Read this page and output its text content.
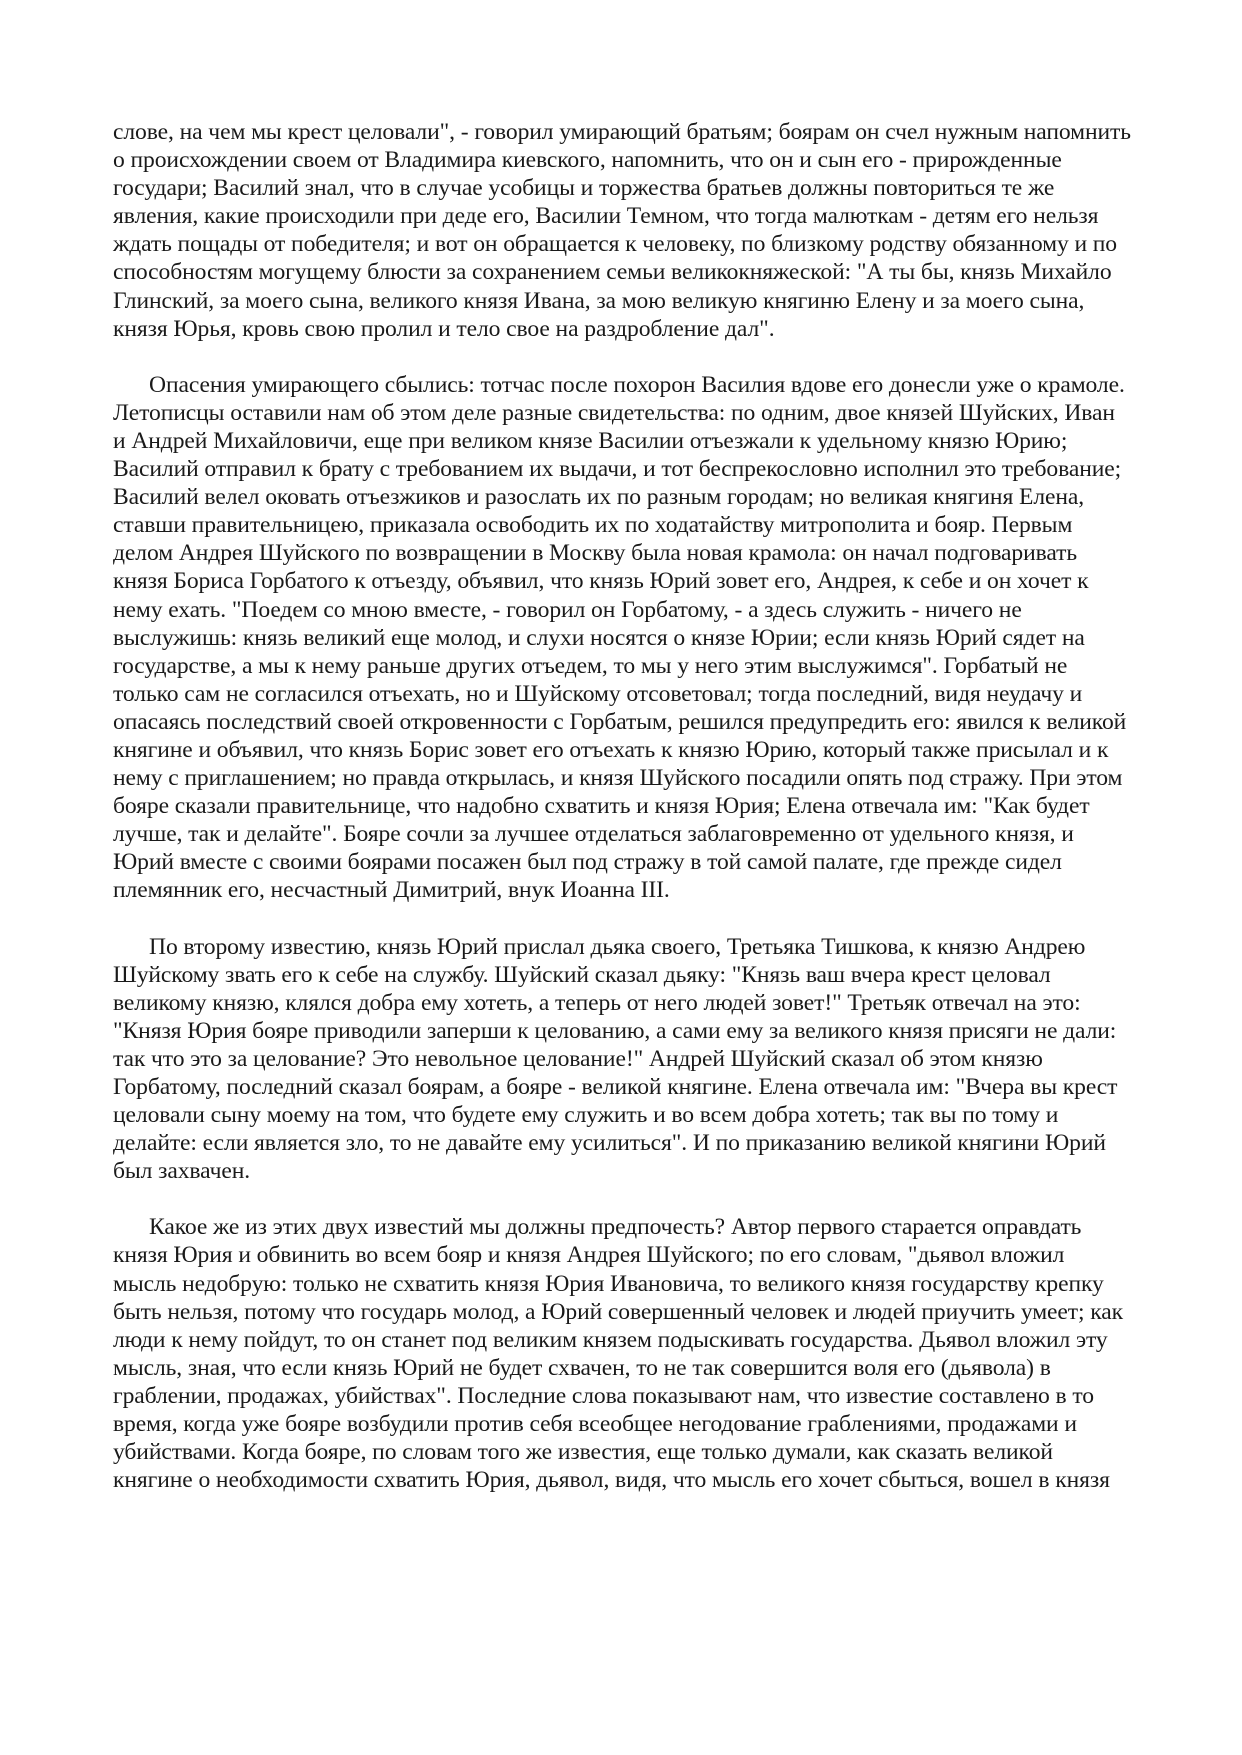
слове, на чем мы крест целовали", - говорил умирающий братьям; боярам он счел нужным напомнить о происхождении своем от Владимира киевского, напомнить, что он и сын его - прирожденные государи; Василий знал, что в случае усобицы и торжества братьев должны повториться те же явления, какие происходили при деде его, Василии Темном, что тогда малюткам - детям его нельзя ждать пощады от победителя; и вот он обращается к человеку, по близкому родству обязанному и по способностям могущему блюсти за сохранением семьи великокняжеской: "А ты бы, князь Михайло Глинский, за моего сына, великого князя Ивана, за мою великую княгиню Елену и за моего сына, князя Юрья, кровь свою пролил и тело свое на раздробление дал".

Опасения умирающего сбылись: тотчас после похорон Василия вдове его донесли уже о крамоле. Летописцы оставили нам об этом деле разные свидетельства: по одним, двое князей Шуйских, Иван и Андрей Михайловичи, еще при великом князе Василии отъезжали к удельному князю Юрию; Василий отправил к брату с требованием их выдачи, и тот беспрекословно исполнил это требование; Василий велел оковать отъезжиков и разослать их по разным городам; но великая княгиня Елена, ставши правительницею, приказала освободить их по ходатайству митрополита и бояр. Первым делом Андрея Шуйского по возвращении в Москву была новая крамола: он начал подговаривать князя Бориса Горбатого к отъезду, объявил, что князь Юрий зовет его, Андрея, к себе и он хочет к нему ехать. "Поедем со мною вместе, - говорил он Горбатому, - а здесь служить - ничего не выслужишь: князь великий еще молод, и слухи носятся о князе Юрии; если князь Юрий сядет на государстве, а мы к нему раньше других отъедем, то мы у него этим выслужимся". Горбатый не только сам не согласился отъехать, но и Шуйскому отсоветовал; тогда последний, видя неудачу и опасаясь последствий своей откровенности с Горбатым, решился предупредить его: явился к великой княгине и объявил, что князь Борис зовет его отъехать к князю Юрию, который также присылал и к нему с приглашением; но правда открылась, и князя Шуйского посадили опять под стражу. При этом бояре сказали правительнице, что надобно схватить и князя Юрия; Елена отвечала им: "Как будет лучше, так и делайте". Бояре сочли за лучшее отделаться заблаговременно от удельного князя, и Юрий вместе с своими боярами посажен был под стражу в той самой палате, где прежде сидел племянник его, несчастный Димитрий, внук Иоанна III.

По второму известию, князь Юрий прислал дьяка своего, Третьяка Тишкова, к князю Андрею Шуйскому звать его к себе на службу. Шуйский сказал дьяку: "Князь ваш вчера крест целовал великому князю, клялся добра ему хотеть, а теперь от него людей зовет!" Третьяк отвечал на это: "Князя Юрия бояре приводили заперши к целованию, а сами ему за великого князя присяги не дали: так что это за целование? Это невольное целование!" Андрей Шуйский сказал об этом князю Горбатому, последний сказал боярам, а бояре - великой княгине. Елена отвечала им: "Вчера вы крест целовали сыну моему на том, что будете ему служить и во всем добра хотеть; так вы по тому и делайте: если является зло, то не давайте ему усилиться". И по приказанию великой княгини Юрий был захвачен.

Какое же из этих двух известий мы должны предпочесть? Автор первого старается оправдать князя Юрия и обвинить во всем бояр и князя Андрея Шуйского; по его словам, "дьявол вложил мысль недобрую: только не схватить князя Юрия Ивановича, то великого князя государству крепку быть нельзя, потому что государь молод, а Юрий совершенный человек и людей приучить умеет; как люди к нему пойдут, то он станет под великим князем подыскивать государства. Дьявол вложил эту мысль, зная, что если князь Юрий не будет схвачен, то не так совершится воля его (дьявола) в граблении, продажах, убийствах". Последние слова показывают нам, что известие составлено в то время, когда уже бояре возбудили против себя всеобщее негодование граблениями, продажами и убийствами. Когда бояре, по словам того же известия, еще только думали, как сказать великой княгине о необходимости схватить Юрия, дьявол, видя, что мысль его хочет сбыться, вошел в князя
